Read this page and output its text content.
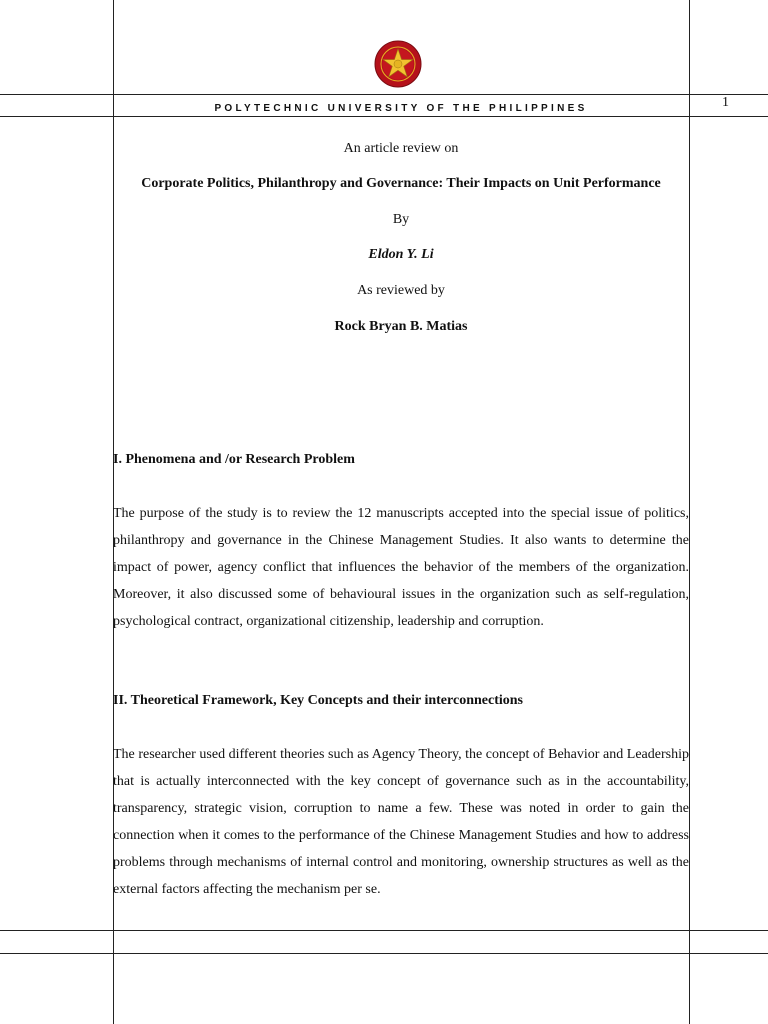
POLYTECHNIC UNIVERSITY OF THE PHILIPPINES	1
An article review on
Corporate Politics, Philanthropy and Governance: Their Impacts on Unit Performance
By
Eldon Y. Li
As reviewed by
Rock Bryan B. Matias
I. Phenomena and /or Research Problem

The purpose of the study is to review the 12 manuscripts accepted into the special issue of politics, philanthropy and governance in the Chinese Management Studies. It also wants to determine the impact of power, agency conflict that influences the behavior of the members of the organization. Moreover, it also discussed some of behavioural issues in the organization such as self-regulation, psychological contract, organizational citizenship, leadership and corruption.

II. Theoretical Framework, Key Concepts and their interconnections

The researcher used different theories such as Agency Theory, the concept of Behavior and Leadership that is actually interconnected with the key concept of governance such as in the accountability, transparency, strategic vision, corruption to name a few. These was noted in order to gain the connection when it comes to the performance of the Chinese Management Studies and how to address problems through mechanisms of internal control and monitoring, ownership structures as well as the external factors affecting the mechanism per se.
